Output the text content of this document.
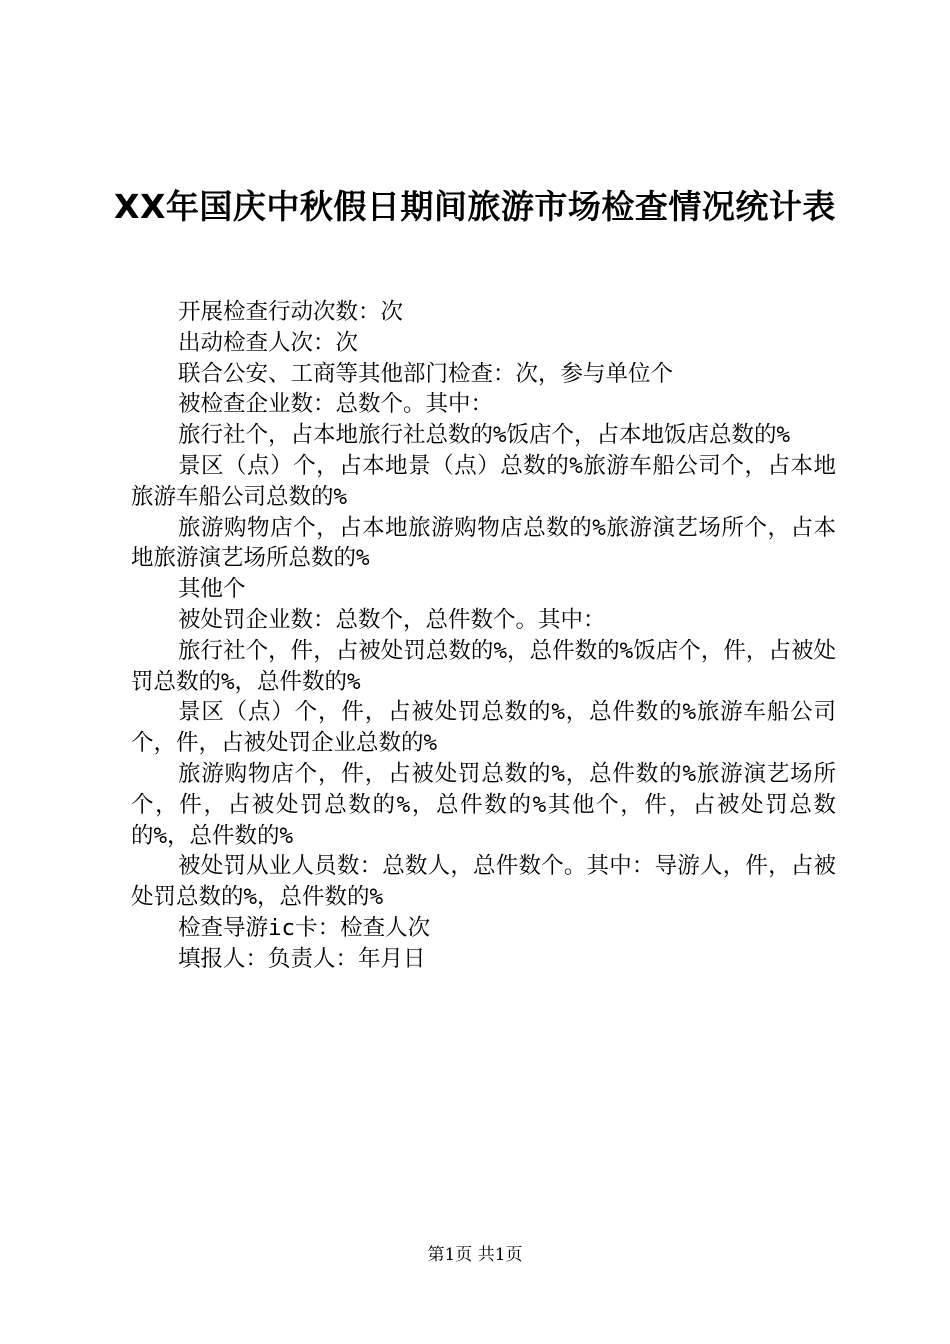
XX年国庆中秋假日期间旅游市场检查情况统计表

开展检查行动次数：次

出动检查人次：次

联合公安、工商等其他部门检查：次，参与单位个

被检查企业数：总数个。其中：

旅行社个，占本地旅行社总数的%饭店个，占本地饭店总数的%

景区（点）个，占本地景（点）总数的%旅游车船公司个，占本地旅游车船公司总数的%

旅游购物店个，占本地旅游购物店总数的%旅游演艺场所个，占本地旅游演艺场所总数的%

其他个

被处罚企业数：总数个，总件数个。其中：

旅行社个，件，占被处罚总数的%，总件数的%饭店个，件，占被处罚总数的%，总件数的%

景区（点）个，件，占被处罚总数的%，总件数的%旅游车船公司个，件，占被处罚企业总数的%

旅游购物店个，件，占被处罚总数的%，总件数的%旅游演艺场所个，件，占被处罚总数的%，总件数的%其他个，件，占被处罚总数的%，总件数的%

被处罚从业人员数：总数人，总件数个。其中：导游人，件，占被处罚总数的%，总件数的%

检查导游ic卡：检查人次

填报人：负责人：年月日

第1页 共1页
